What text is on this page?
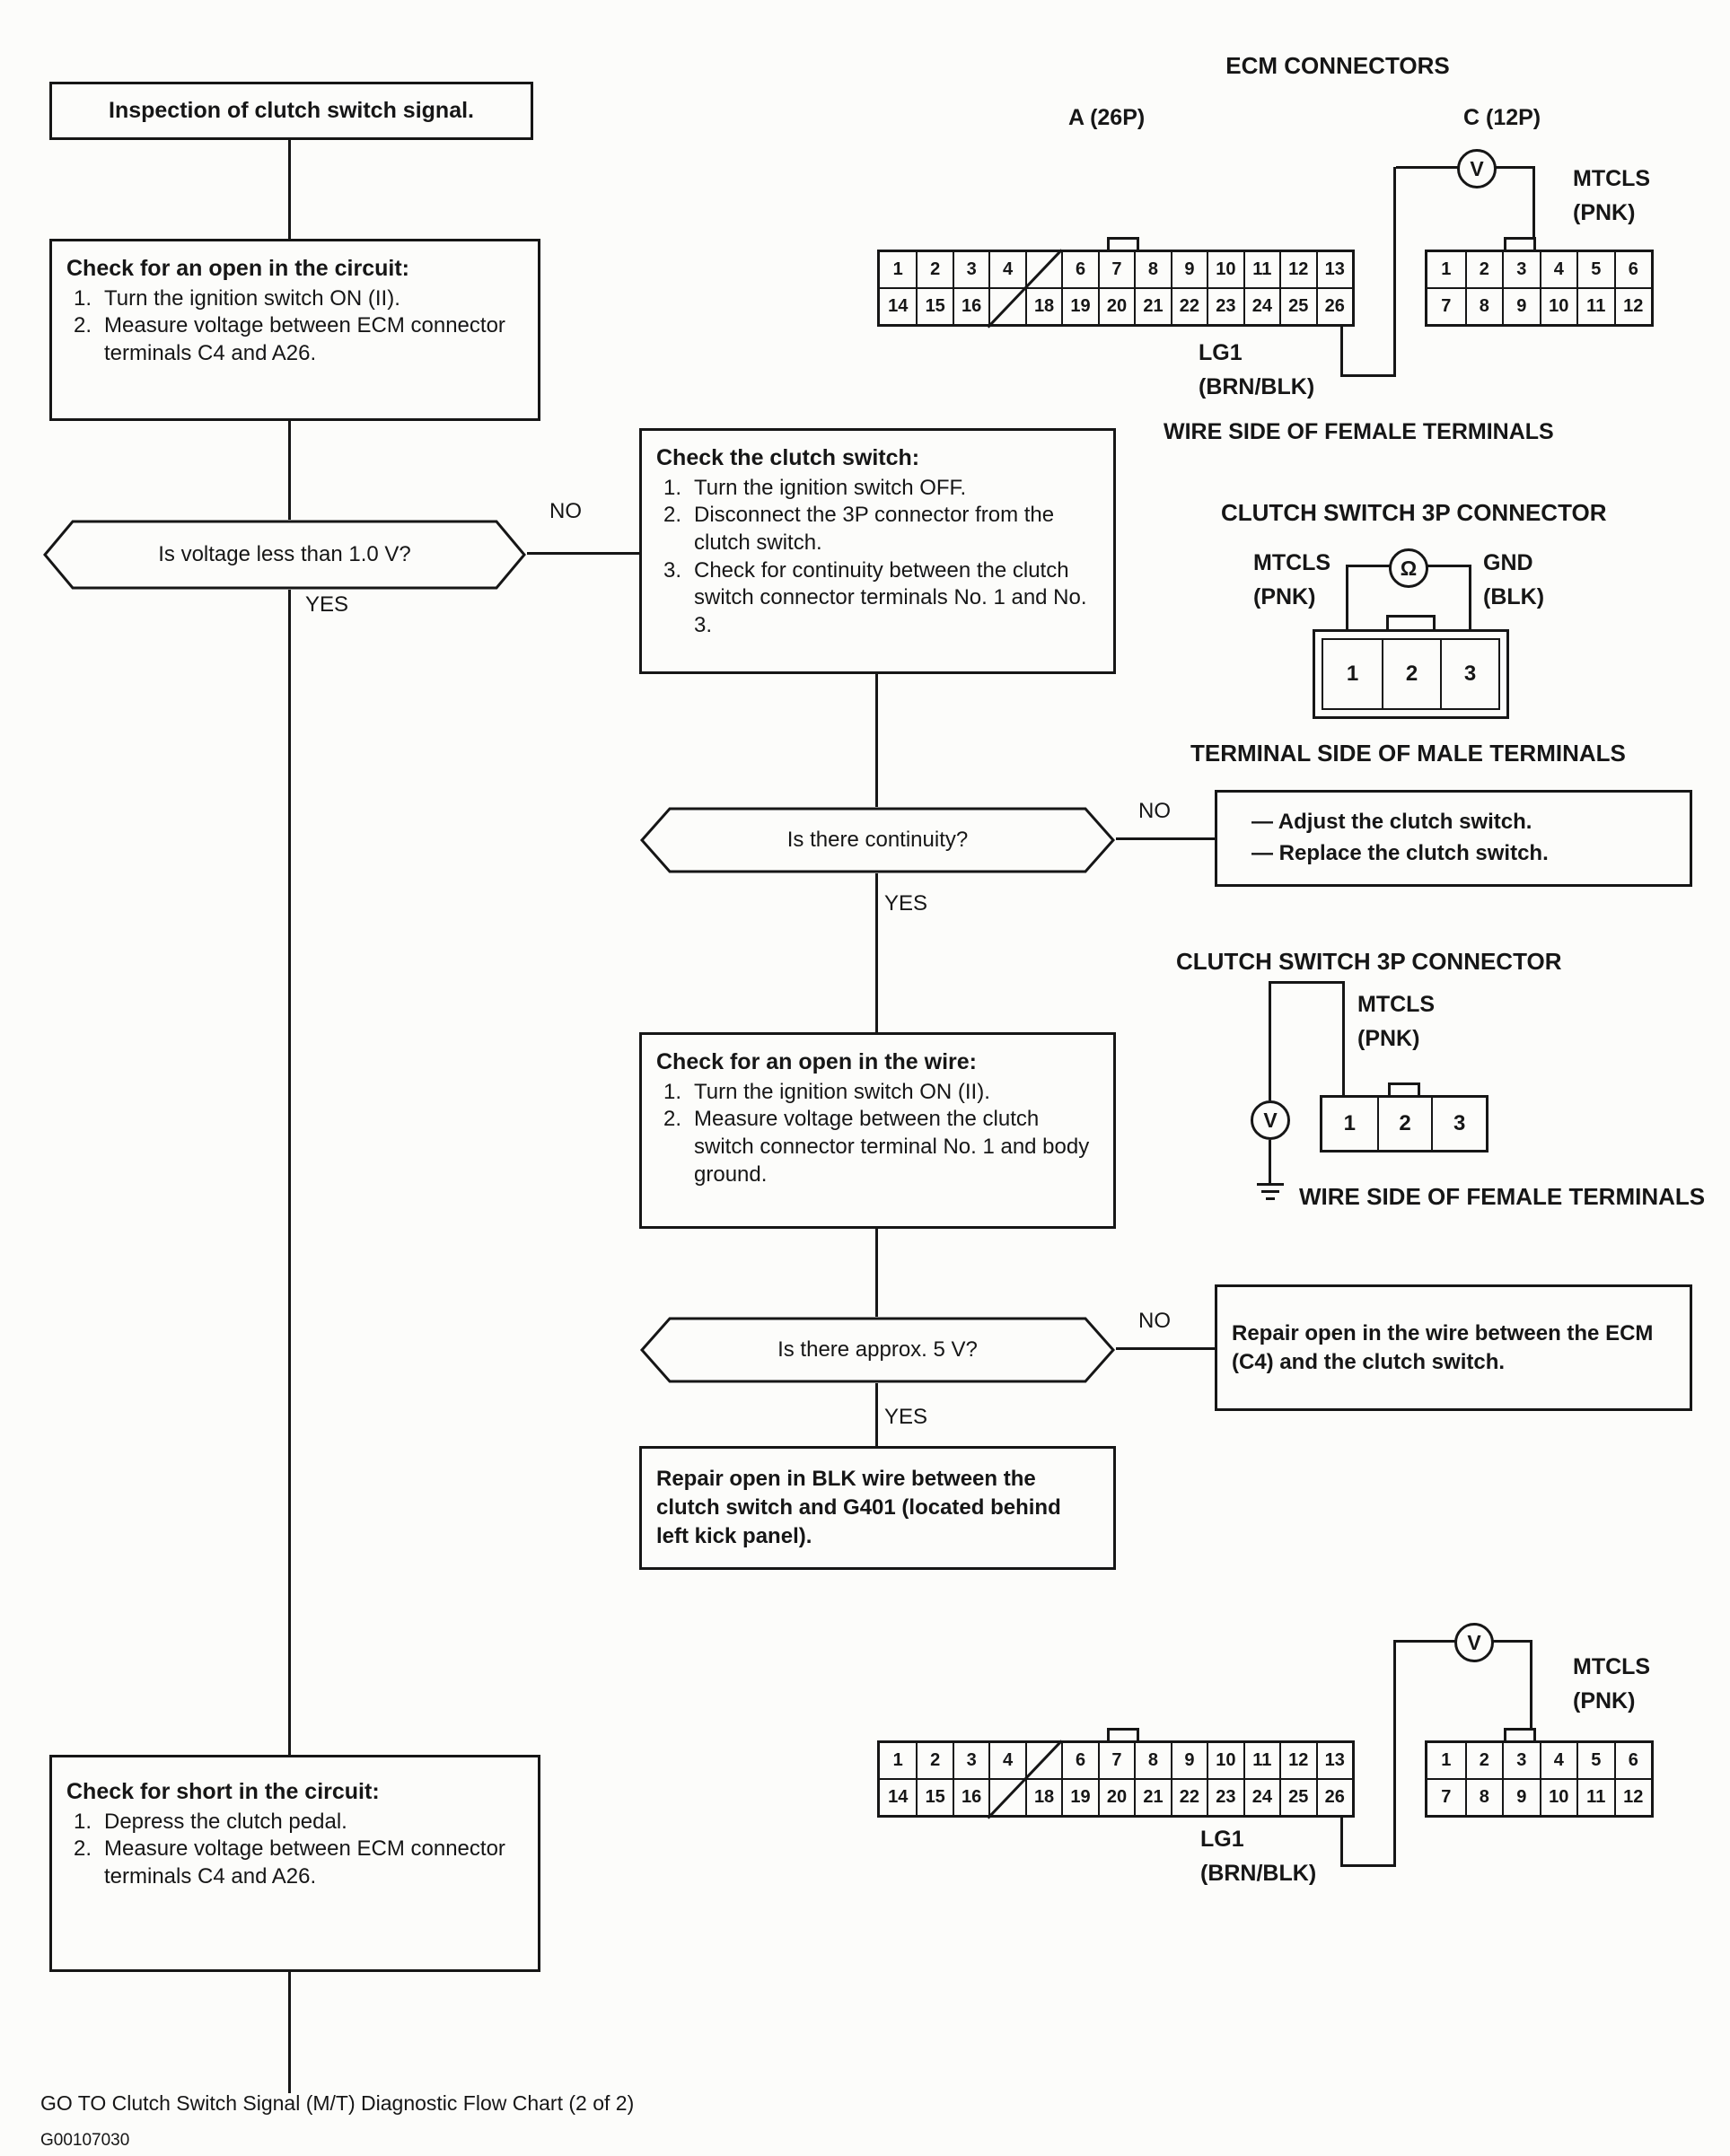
Inspection of clutch switch signal.
Check for an open in the circuit:
Turn the ignition switch ON (II).
Measure voltage between ECM connector terminals C4 and A26.
Is voltage less than 1.0 V?
NO
YES
Check the clutch switch:
Turn the ignition switch OFF.
Disconnect the 3P connector from the clutch switch.
Check for continuity between the clutch switch connector terminals No. 1 and No. 3.
Is there continuity?
NO
YES
— Adjust the clutch switch.
— Replace the clutch switch.
Check for an open in the wire:
Turn the ignition switch ON (II).
Measure voltage between the clutch switch connector terminal No. 1 and body ground.
Is there approx. 5 V?
NO
YES
Repair open in the wire between the ECM (C4) and the clutch switch.
Repair open in BLK wire between the clutch switch and G401 (located behind left kick panel).
Check for short in the circuit:
Depress the clutch pedal.
Measure voltage between ECM connector terminals C4 and A26.
ECM CONNECTORS
A (26P)	C (12P)
V	MTCLS
(PNK)
1	2	3	4	6	7	8	9	10 11 12 13
14 15 16	18 19 20 21 22 23 24 25 26
1	2	3	4	5	6
7	8	9	10 11 12
LG1
(BRN/BLK)
WIRE SIDE OF FEMALE TERMINALS
CLUTCH SWITCH 3P CONNECTOR
Ω
MTCLS
(PNK)
GND
(BLK)
1	2	3
TERMINAL SIDE OF MALE TERMINALS
CLUTCH SWITCH 3P CONNECTOR
MTCLS
(PNK)
V	1	2	3
WIRE SIDE OF FEMALE TERMINALS
V
MTCLS
(PNK)
1	2	3	4	6	7	8	9	10 11 12 13
14 15 16	18 19 20 21 22 23 24 25 26
1	2	3	4	5	6
7	8	9	10 11 12
LG1
(BRN/BLK)
GO TO Clutch Switch Signal (M/T) Diagnostic Flow Chart (2 of 2)
G00107030
